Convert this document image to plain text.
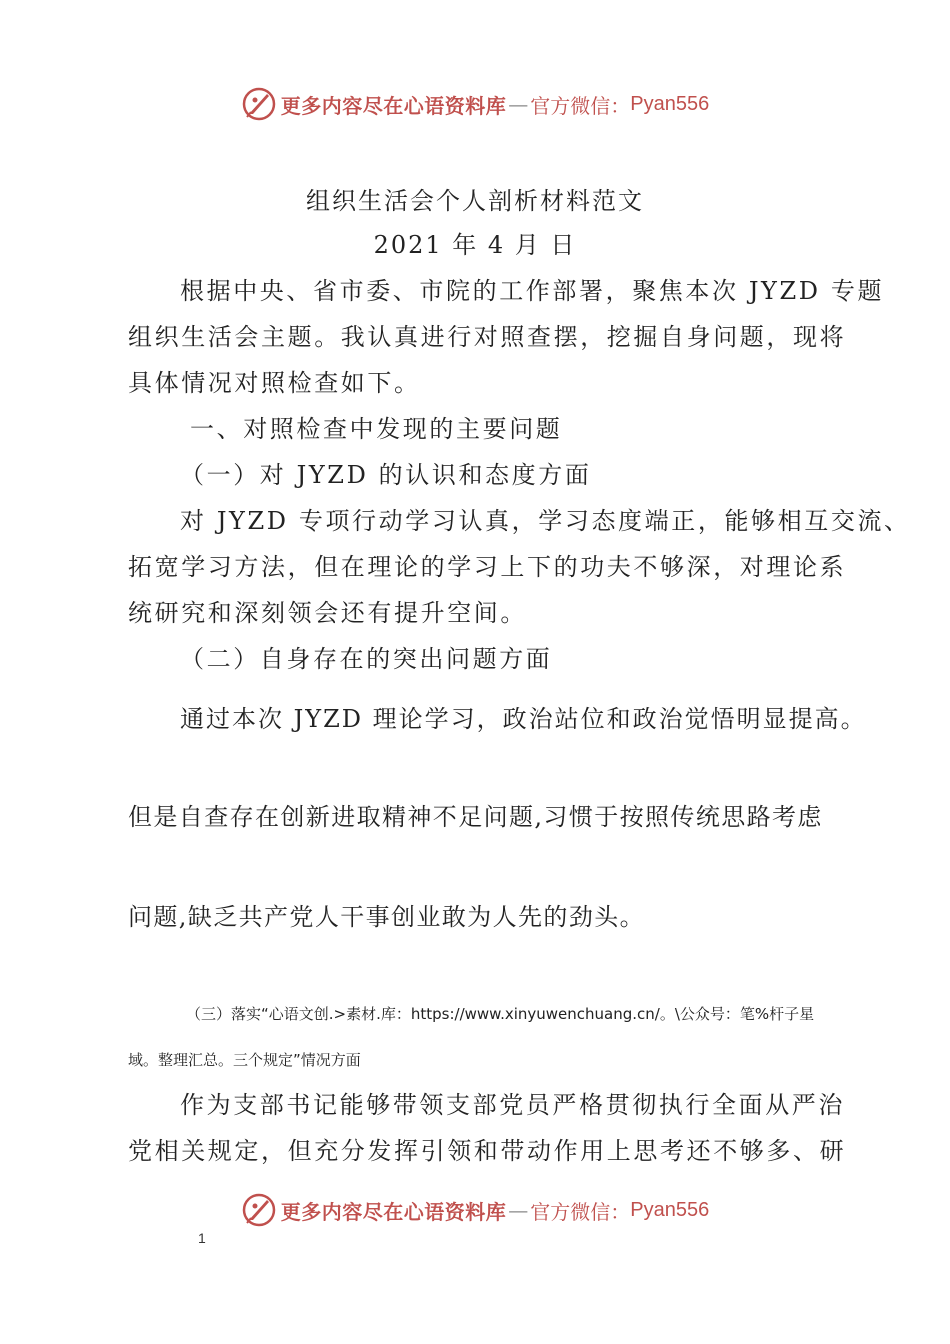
更多内容尽在心语资料库 — 官方微信： Pyan556
组织生活会个人剖析材料范文
2021 年 4 月 日
根据中央、省市委、市院的工作部署，聚焦本次 JYZD 专题
组织生活会主题。我认真进行对照查摆，挖掘自身问题，现将
具体情况对照检查如下。
一、对照检查中发现的主要问题
（一）对 JYZD 的认识和态度方面
对 JYZD 专项行动学习认真，学习态度端正，能够相互交流、
拓宽学习方法，但在理论的学习上下的功夫不够深，对理论系
统研究和深刻领会还有提升空间。
（二）自身存在的突出问题方面
通过本次 JYZD 理论学习，政治站位和政治觉悟明显提高。
但是自查存在创新进取精神不足问题,习惯于按照传统思路考虑
问题,缺乏共产党人干事创业敢为人先的劲头。
（三）落实“心语文创.>素材.库：https://www.xinyuwenchuang.cn/。\公众号：笔%杆子星
域。整理汇总。三个规定”情况方面
作为支部书记能够带领支部党员严格贯彻执行全面从严治
党相关规定，但充分发挥引领和带动作用上思考还不够多、研
更多内容尽在心语资料库 — 官方微信： Pyan556
1
